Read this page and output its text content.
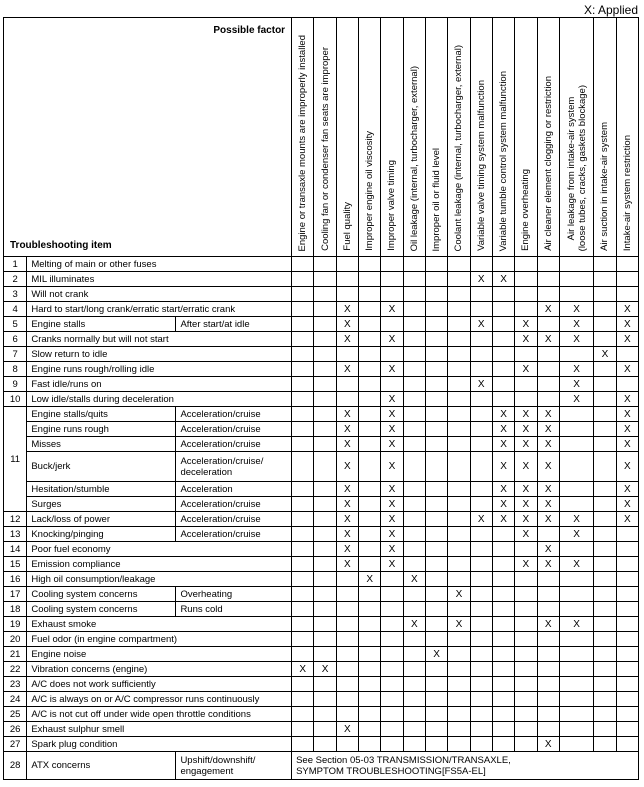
X: Applied
Possible factor
Troubleshooting item			Engine or transaxle mounts are improperly installed	Cooling fan or condenser fan seats are improper	Fuel quality	Improper engine oil viscosity	Improper valve timing	Oil leakage (internal, turbocharger, external)	Improper oil or fluid level	Coolant leakage (internal, turbocharger, external)	Variable valve timing system malfunction	Variable tumble control system malfunction	Engine overheating	Air cleaner element clogging or restriction	Air leakage from intake-air system
(loose tubes, cracks, gaskets blockage)	Air suction in intake-air system	Intake-air system restriction

1	Melting of main or other fuses																
2	MIL illuminates										X	X					
3	Will not crank																
4	Hard to start/long crank/erratic start/erratic crank				X		X							X	X		X
5	Engine stalls	After start/at idle			X						X		X		X		X
6	Cranks normally but will not start				X		X						X	X	X		X
7	Slow return to idle															X	
8	Engine runs rough/rolling idle				X		X						X		X		X
9	Fast idle/runs on										X				X		
10	Low idle/stalls during deceleration						X								X		X
11	Engine stalls/quits	Acceleration/cruise			X		X					X	X	X			X
	Engine runs rough	Acceleration/cruise			X		X					X	X	X			X
	Misses	Acceleration/cruise			X		X					X	X	X			X
	Buck/jerk	Acceleration/cruise/
deceleration			X		X					X	X	X			X
	Hesitation/stumble	Acceleration			X		X					X	X	X			X
	Surges	Acceleration/cruise			X		X					X	X	X			X
12	Lack/loss of power	Acceleration/cruise			X		X				X	X	X	X	X		X
13	Knocking/pinging	Acceleration/cruise			X		X						X		X		
14	Poor fuel economy				X		X							X			
15	Emission compliance				X		X						X	X	X		
16	High oil consumption/leakage					X		X									
17	Cooling system concerns	Overheating								X							
18	Cooling system concerns	Runs cold															
19	Exhaust smoke							X		X				X	X		
20	Fuel odor (in engine compartment)																
21	Engine noise								X								
22	Vibration concerns (engine)		X	X													
23	A/C does not work sufficiently																
24	A/C is always on or A/C compressor runs continuously																
25	A/C is not cut off under wide open throttle conditions																
26	Exhaust sulphur smell				X												
27	Spark plug condition													X			
28	ATX concerns	Upshift/downshift/
engagement	See Section 05-03 TRANSMISSION/TRANSAXLE,
SYMPTOM TROUBLESHOOTING[FS5A-EL]														
